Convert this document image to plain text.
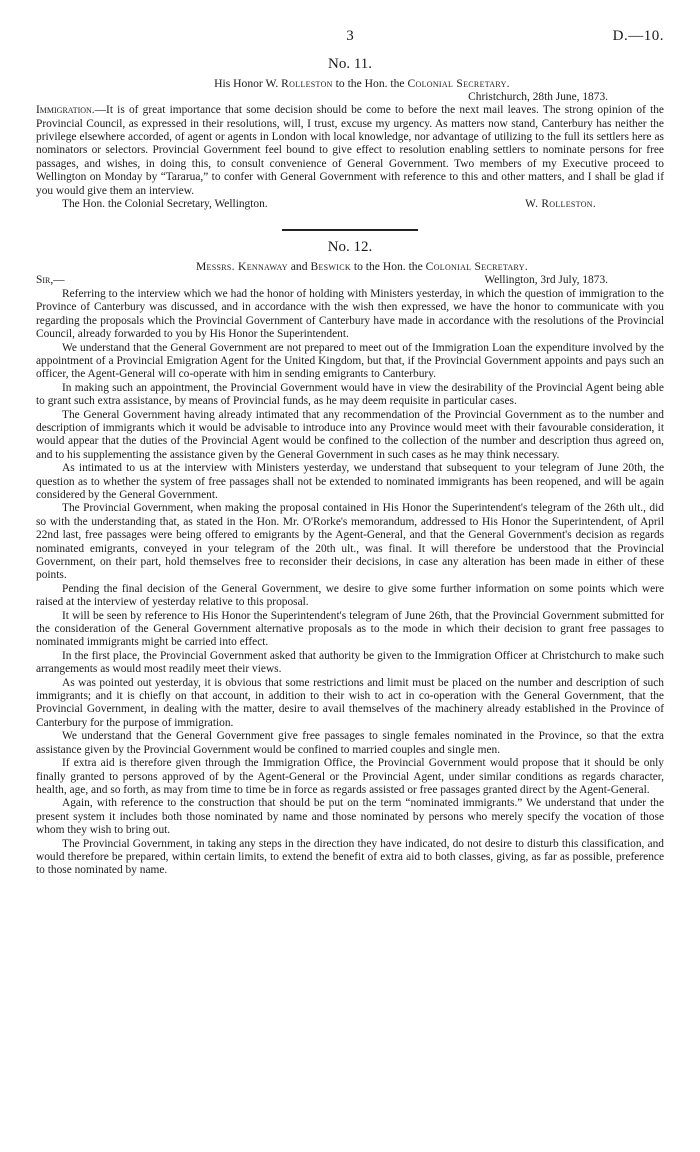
3	D.—10.
No. 11.
His Honor W. Rolleston to the Hon. the Colonial Secretary.
Christchurch, 28th June, 1873.

Immigration.—It is of great importance that some decision should be come to before the next mail leaves. The strong opinion of the Provincial Council, as expressed in their resolutions, will, I trust, excuse my urgency. As matters now stand, Canterbury has neither the privilege elsewhere accorded, of agent or agents in London with local knowledge, nor advantage of utilizing to the full its settlers here as nominators or selectors. Provincial Government feel bound to give effect to resolution enabling settlers to nominate persons for free passages, and wishes, in doing this, to consult convenience of General Government. Two members of my Executive proceed to Wellington on Monday by “Tararua,” to confer with General Government with reference to this and other matters, and I shall be glad if you would give them an interview.

The Hon. the Colonial Secretary, Wellington.	W. Rolleston.
No. 12.
Messrs. Kennaway and Beswick to the Hon. the Colonial Secretary.
Sir,—	Wellington, 3rd July, 1873.

Referring to the interview which we had the honor of holding with Ministers yesterday, in which the question of immigration to the Province of Canterbury was discussed, and in accordance with the wish then expressed, we have the honor to communicate with you regarding the proposals which the Provincial Government of Canterbury have made in accordance with the resolutions of the Provincial Council, already forwarded to you by His Honor the Superintendent.

We understand that the General Government are not prepared to meet out of the Immigration Loan the expenditure involved by the appointment of a Provincial Emigration Agent for the United Kingdom, but that, if the Provincial Government appoints and pays such an officer, the Agent-General will co-operate with him in sending emigrants to Canterbury.

In making such an appointment, the Provincial Government would have in view the desirability of the Provincial Agent being able to grant such extra assistance, by means of Provincial funds, as he may deem requisite in particular cases.

The General Government having already intimated that any recommendation of the Provincial Government as to the number and description of immigrants which it would be advisable to introduce into any Province would meet with their favourable consideration, it would appear that the duties of the Provincial Agent would be confined to the collection of the number and description thus agreed on, and to his supplementing the assistance given by the General Government in such cases as he may think necessary.

As intimated to us at the interview with Ministers yesterday, we understand that subsequent to your telegram of June 20th, the question as to whether the system of free passages shall not be extended to nominated immigrants has been reopened, and will be again considered by the General Government.

The Provincial Government, when making the proposal contained in His Honor the Superintendent's telegram of the 26th ult., did so with the understanding that, as stated in the Hon. Mr. O'Rorke's memorandum, addressed to His Honor the Superintendent, of April 22nd last, free passages were being offered to emigrants by the Agent-General, and that the General Government's decision as regards nominated emigrants, conveyed in your telegram of the 20th ult., was final. It will therefore be understood that the Provincial Government, on their part, hold themselves free to reconsider their decisions, in case any alteration has been made in either of these points.

Pending the final decision of the General Government, we desire to give some further information on some points which were raised at the interview of yesterday relative to this proposal.

It will be seen by reference to His Honor the Superintendent's telegram of June 26th, that the Provincial Government submitted for the consideration of the General Government alternative proposals as to the mode in which their decision to grant free passages to nominated immigrants might be carried into effect.

In the first place, the Provincial Government asked that authority be given to the Immigration Officer at Christchurch to make such arrangements as would most readily meet their views.

As was pointed out yesterday, it is obvious that some restrictions and limit must be placed on the number and description of such immigrants; and it is chiefly on that account, in addition to their wish to act in co-operation with the General Government, that the Provincial Government, in dealing with the matter, desire to avail themselves of the machinery already established in the Province of Canterbury for the purpose of immigration.

We understand that the General Government give free passages to single females nominated in the Province, so that the extra assistance given by the Provincial Government would be confined to married couples and single men.

If extra aid is therefore given through the Immigration Office, the Provincial Government would propose that it should be only finally granted to persons approved of by the Agent-General or the Provincial Agent, under similar conditions as regards character, health, age, and so forth, as may from time to time be in force as regards assisted or free passages granted direct by the Agent-General.

Again, with reference to the construction that should be put on the term “nominated immigrants.” We understand that under the present system it includes both those nominated by name and those nominated by persons who merely specify the vocation of those whom they wish to bring out.

The Provincial Government, in taking any steps in the direction they have indicated, do not desire to disturb this classification, and would therefore be prepared, within certain limits, to extend the benefit of extra aid to both classes, giving, as far as possible, preference to those nominated by name.
